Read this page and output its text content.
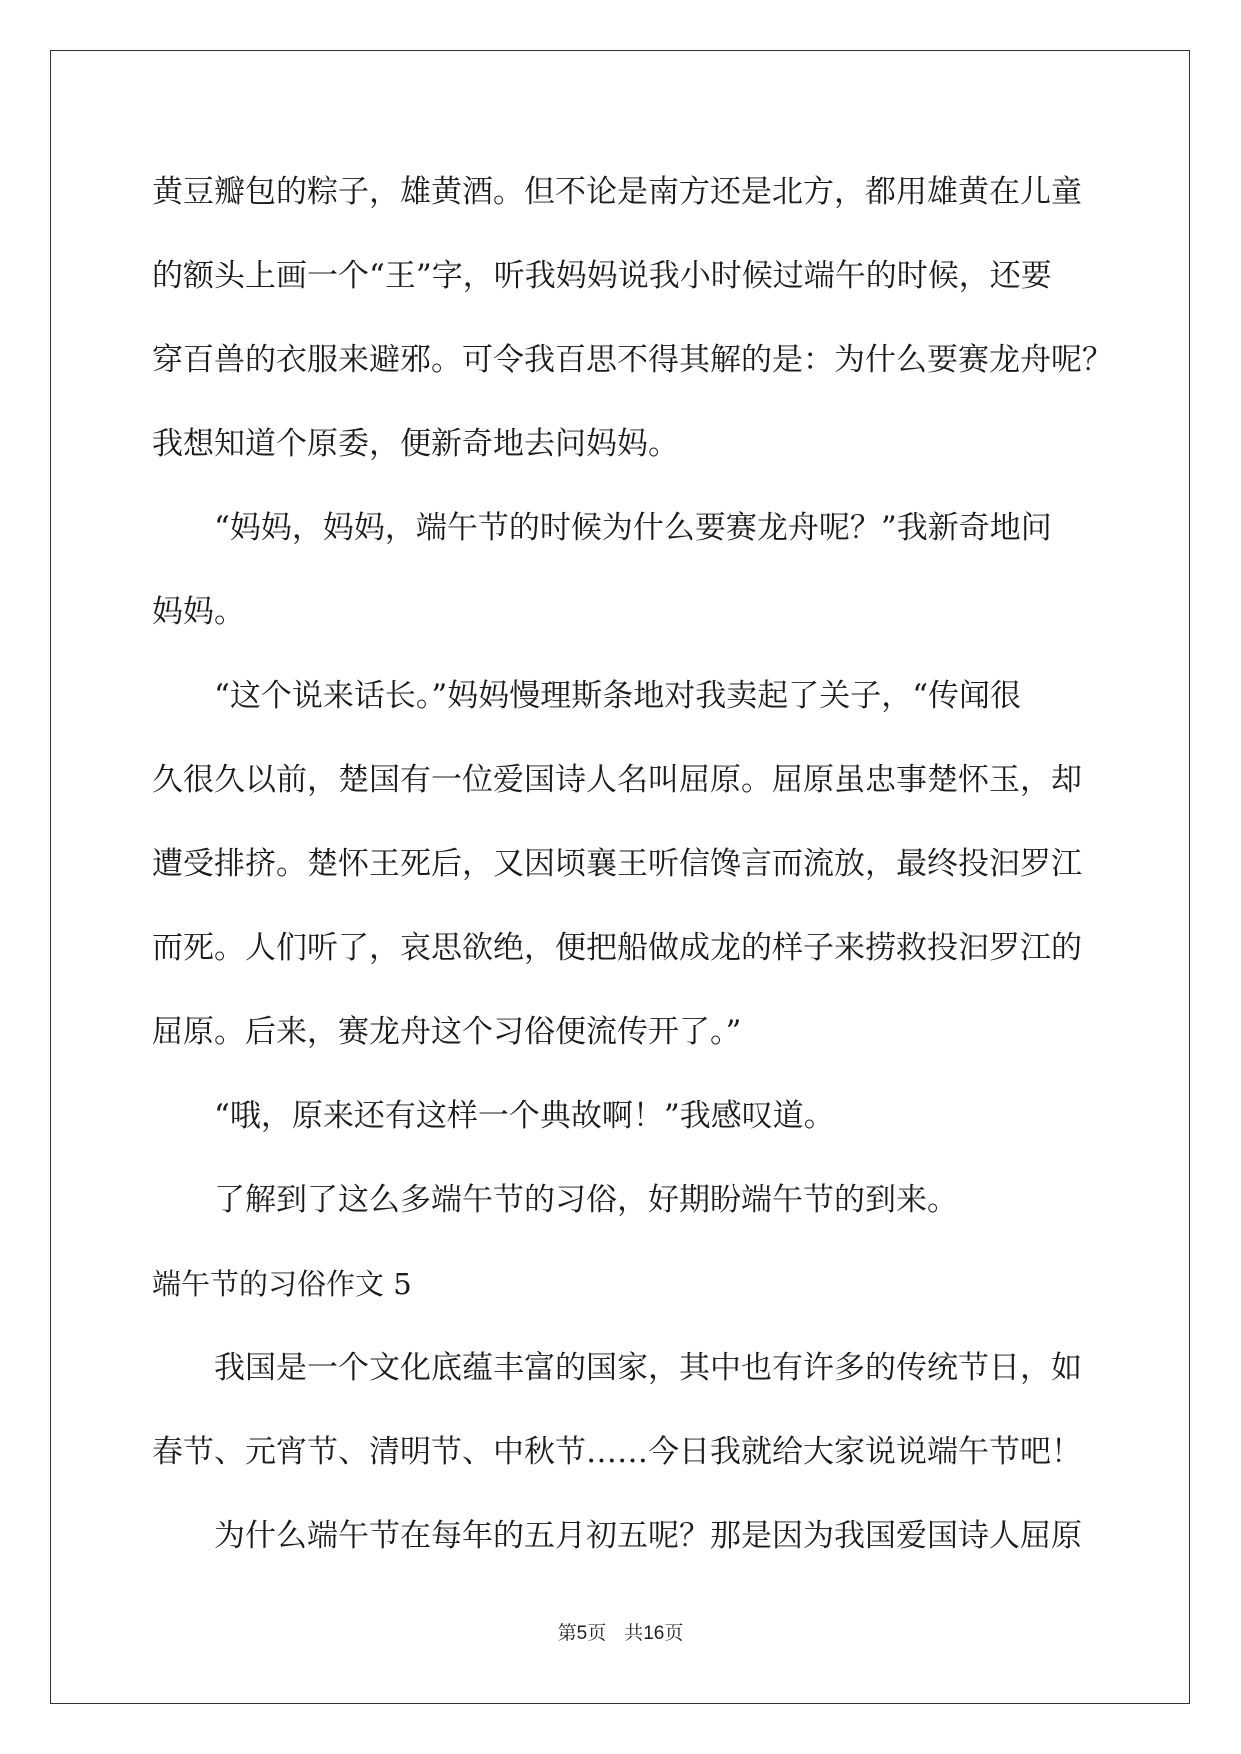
黄豆瓣包的粽子，雄黄酒。但不论是南方还是北方，都用雄黄在儿童
的额头上画一个“王”字，听我妈妈说我小时候过端午的时候，还要
穿百兽的衣服来避邪。可令我百思不得其解的是：为什么要赛龙舟呢？
我想知道个原委，便新奇地去问妈妈。
“妈妈，妈妈，端午节的时候为什么要赛龙舟呢？”我新奇地问
妈妈。
“这个说来话长。”妈妈慢理斯条地对我卖起了关子，“传闻很
久很久以前，楚国有一位爱国诗人名叫屈原。屈原虽忠事楚怀玉，却
遭受排挤。楚怀王死后，又因顷襄王听信馋言而流放，最终投汩罗江
而死。人们听了，哀思欲绝，便把船做成龙的样子来捞救投汩罗江的
屈原。后来，赛龙舟这个习俗便流传开了。”
“哦，原来还有这样一个典故啊！”我感叹道。
了解到了这么多端午节的习俗，好期盼端午节的到来。
端午节的习俗作文 5
我国是一个文化底蕴丰富的国家，其中也有许多的传统节日，如
春节、元宵节、清明节、中秋节……今日我就给大家说说端午节吧！
为什么端午节在每年的五月初五呢？那是因为我国爱国诗人屈原
第5页 共16页
